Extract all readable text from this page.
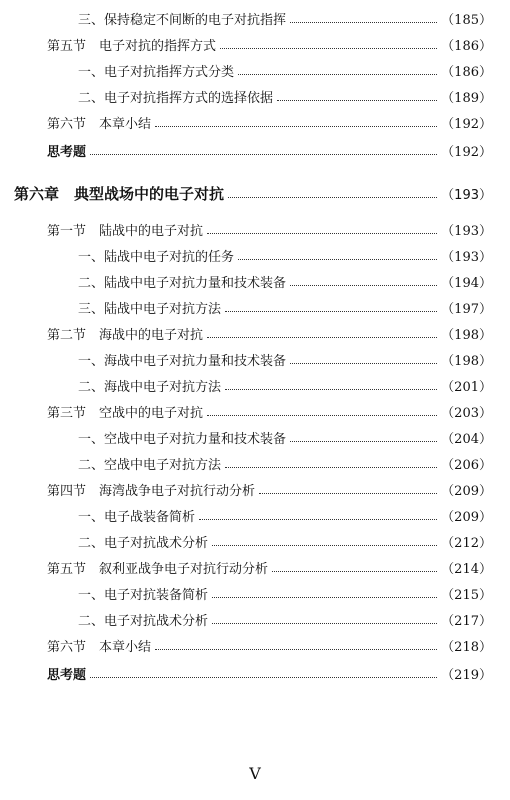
三、保持稳定不间断的电子对抗指挥	（185）
第五节　电子对抗的指挥方式	（186）
一、电子对抗指挥方式分类	（186）
二、电子对抗指挥方式的选择依据	（189）
第六节　本章小结	（192）
思考题	（192）
第六章　典型战场中的电子对抗	（193）
第一节　陆战中的电子对抗	（193）
一、陆战中电子对抗的任务	（193）
二、陆战中电子对抗力量和技术装备	（194）
三、陆战中电子对抗方法	（197）
第二节　海战中的电子对抗	（198）
一、海战中电子对抗力量和技术装备	（198）
二、海战中电子对抗方法	（201）
第三节　空战中的电子对抗	（203）
一、空战中电子对抗力量和技术装备	（204）
二、空战中电子对抗方法	（206）
第四节　海湾战争电子对抗行动分析	（209）
一、电子战装备简析	（209）
二、电子对抗战术分析	（212）
第五节　叙利亚战争电子对抗行动分析	（214）
一、电子对抗装备简析	（215）
二、电子对抗战术分析	（217）
第六节　本章小结	（218）
思考题	（219）
V
